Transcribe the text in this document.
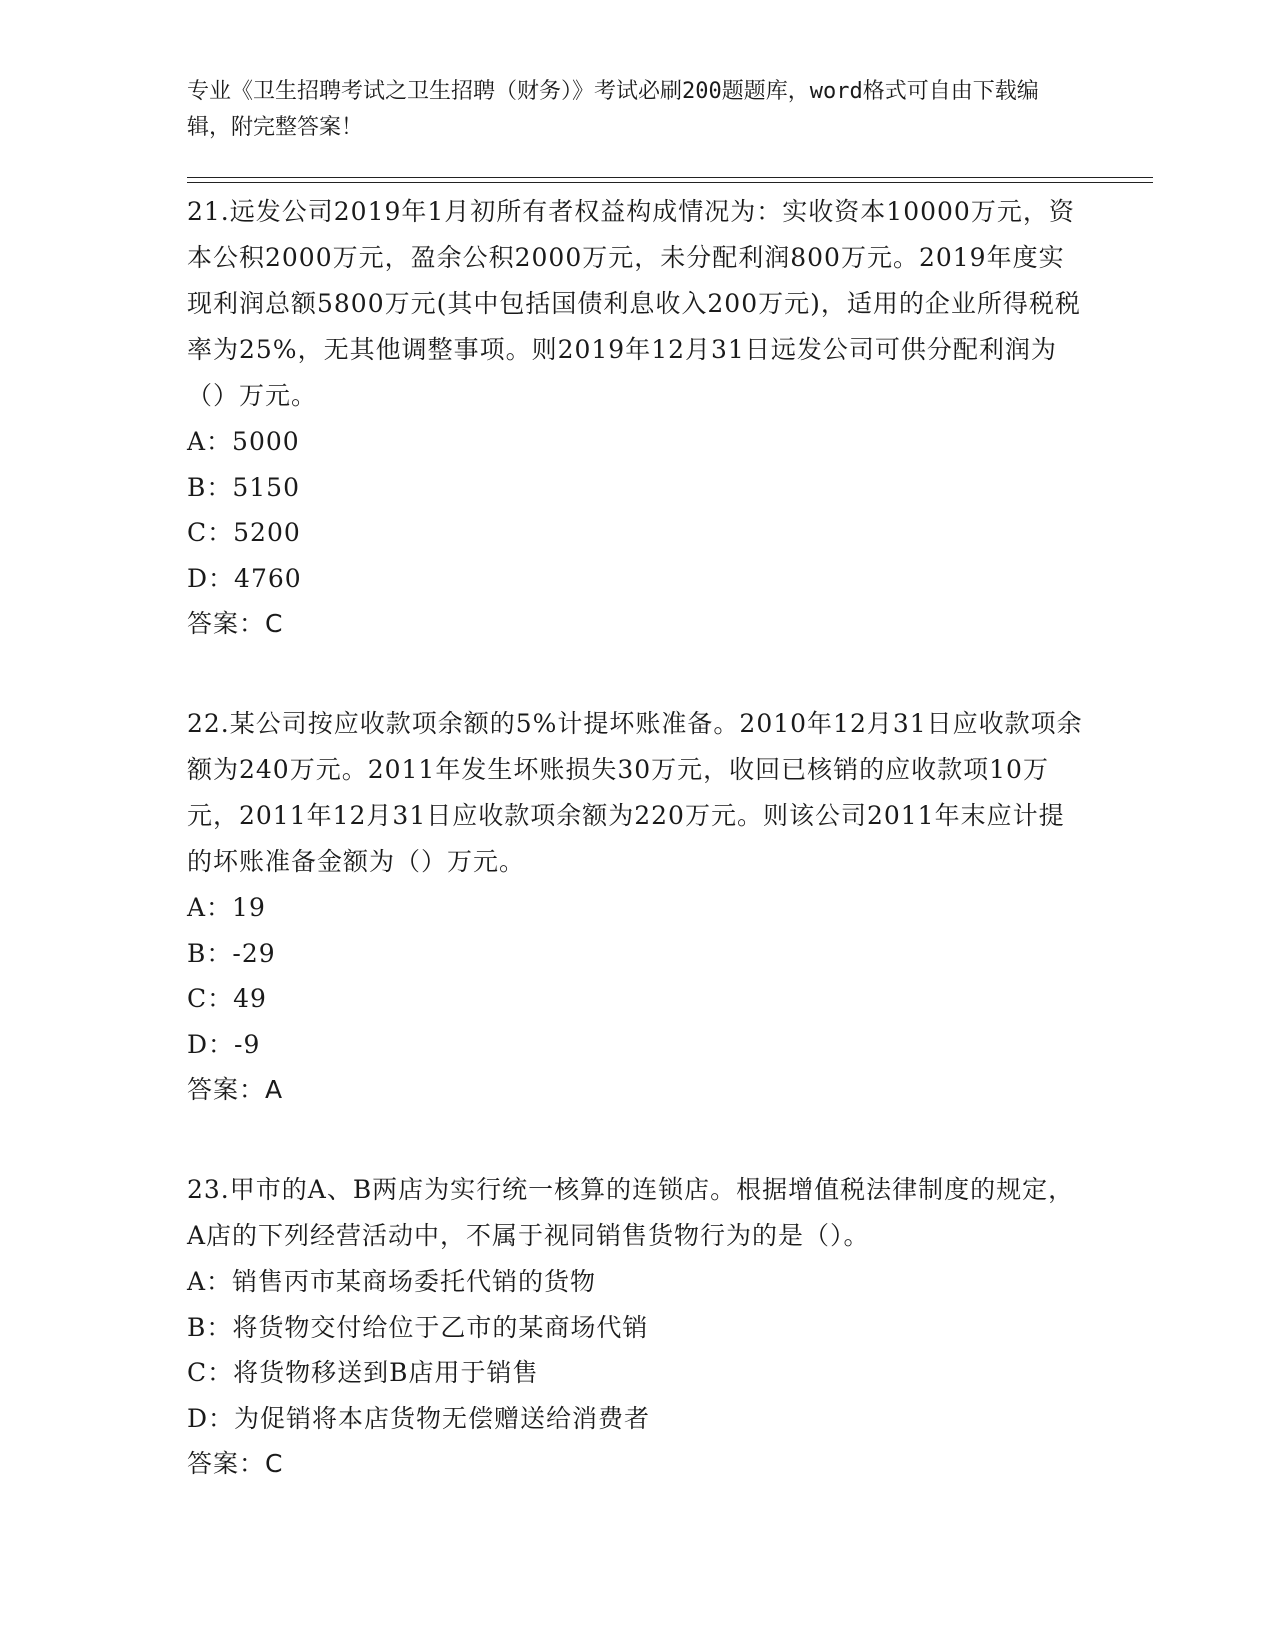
专业《卫生招聘考试之卫生招聘（财务）》考试必刷200题题库，word格式可自由下载编辑，附完整答案！
21.远发公司2019年1月初所有者权益构成情况为：实收资本10000万元，资本公积2000万元，盈余公积2000万元，未分配利润800万元。2019年度实现利润总额5800万元(其中包括国债利息收入200万元)，适用的企业所得税税率为25%，无其他调整事项。则2019年12月31日远发公司可供分配利润为（）万元。
A：5000
B：5150
C：5200
D：4760
答案：C
22.某公司按应收款项余额的5%计提坏账准备。2010年12月31日应收款项余额为240万元。2011年发生坏账损失30万元，收回已核销的应收款项10万元，2011年12月31日应收款项余额为220万元。则该公司2011年末应计提的坏账准备金额为（）万元。
A：19
B：-29
C：49
D：-9
答案：A
23.甲市的A、B两店为实行统一核算的连锁店。根据增值税法律制度的规定，A店的下列经营活动中，不属于视同销售货物行为的是（）。
A：销售丙市某商场委托代销的货物
B：将货物交付给位于乙市的某商场代销
C：将货物移送到B店用于销售
D：为促销将本店货物无偿赠送给消费者
答案：C
